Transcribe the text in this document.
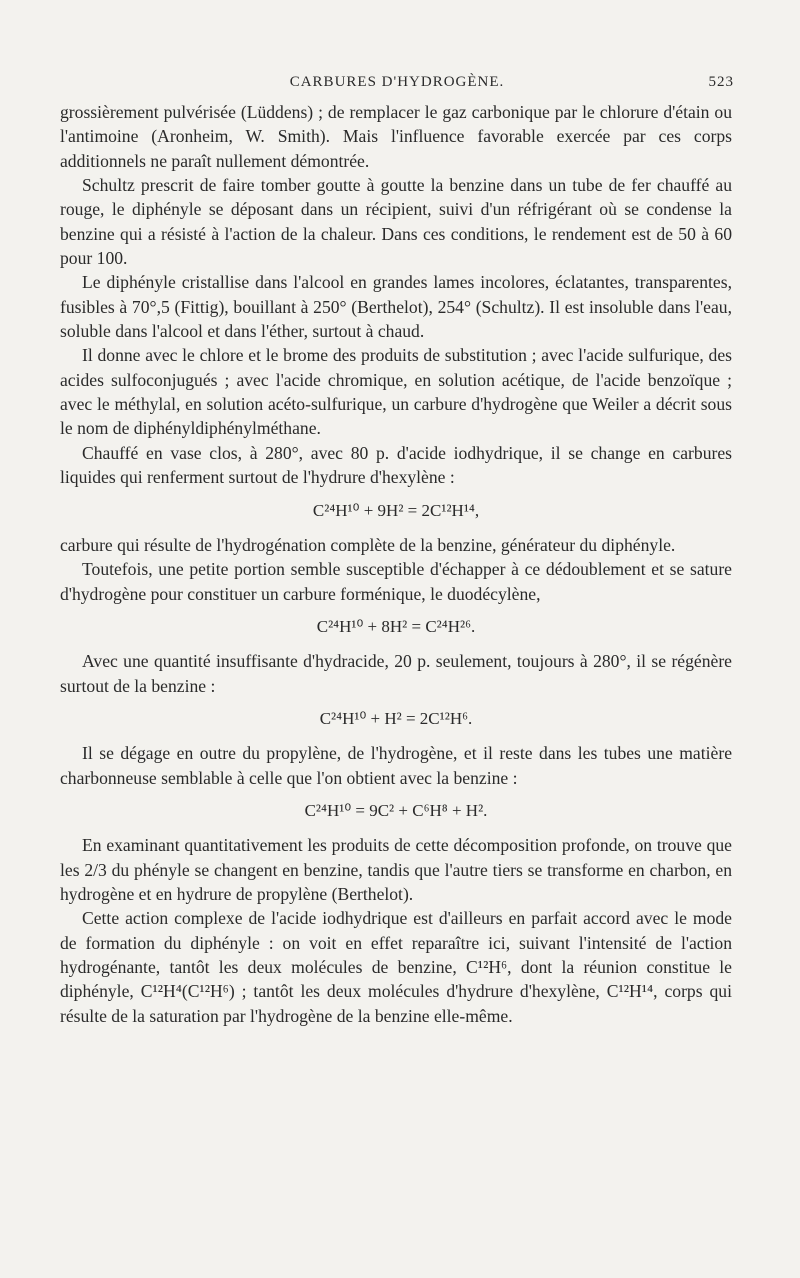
CARBURES D'HYDROGÈNE.	523

grossièrement pulvérisée (Lüddens) ; de remplacer le gaz carbonique par le chlorure d'étain ou l'antimoine (Aronheim, W. Smith). Mais l'influence favorable exercée par ces corps additionnels ne paraît nullement démontrée.

Schultz prescrit de faire tomber goutte à goutte la benzine dans un tube de fer chauffé au rouge, le diphényle se déposant dans un récipient, suivi d'un réfrigérant où se condense la benzine qui a résisté à l'action de la chaleur. Dans ces conditions, le rendement est de 50 à 60 pour 100.

Le diphényle cristallise dans l'alcool en grandes lames incolores, éclatantes, transparentes, fusibles à 70°,5 (Fittig), bouillant à 250° (Berthelot), 254° (Schultz). Il est insoluble dans l'eau, soluble dans l'alcool et dans l'éther, surtout à chaud.

Il donne avec le chlore et le brome des produits de substitution ; avec l'acide sulfurique, des acides sulfoconjugués ; avec l'acide chromique, en solution acétique, de l'acide benzoïque ; avec le méthylal, en solution acéto-sulfurique, un carbure d'hydrogène que Weiler a décrit sous le nom de diphényldiphénylméthane.

Chauffé en vase clos, à 280°, avec 80 p. d'acide iodhydrique, il se change en carbures liquides qui renferment surtout de l'hydrure d'hexylène :

C²⁴H¹⁰ + 9H² = 2C¹²H¹⁴,

carbure qui résulte de l'hydrogénation complète de la benzine, générateur du diphényle.

Toutefois, une petite portion semble susceptible d'échapper à ce dédoublement et se sature d'hydrogène pour constituer un carbure forménique, le duodécylène,

C²⁴H¹⁰ + 8H² = C²⁴H²⁶.

Avec une quantité insuffisante d'hydracide, 20 p. seulement, toujours à 280°, il se régénère surtout de la benzine :

C²⁴H¹⁰ + H² = 2C¹²H⁶.

Il se dégage en outre du propylène, de l'hydrogène, et il reste dans les tubes une matière charbonneuse semblable à celle que l'on obtient avec la benzine :

C²⁴H¹⁰ = 9C² + C⁶H⁸ + H².

En examinant quantitativement les produits de cette décomposition profonde, on trouve que les 2/3 du phényle se changent en benzine, tandis que l'autre tiers se transforme en charbon, en hydrogène et en hydrure de propylène (Berthelot).

Cette action complexe de l'acide iodhydrique est d'ailleurs en parfait accord avec le mode de formation du diphényle : on voit en effet reparaître ici, suivant l'intensité de l'action hydrogénante, tantôt les deux molécules de benzine, C¹²H⁶, dont la réunion constitue le diphényle, C¹²H⁴(C¹²H⁶) ; tantôt les deux molécules d'hydrure d'hexylène, C¹²H¹⁴, corps qui résulte de la saturation par l'hydrogène de la benzine elle-même.
